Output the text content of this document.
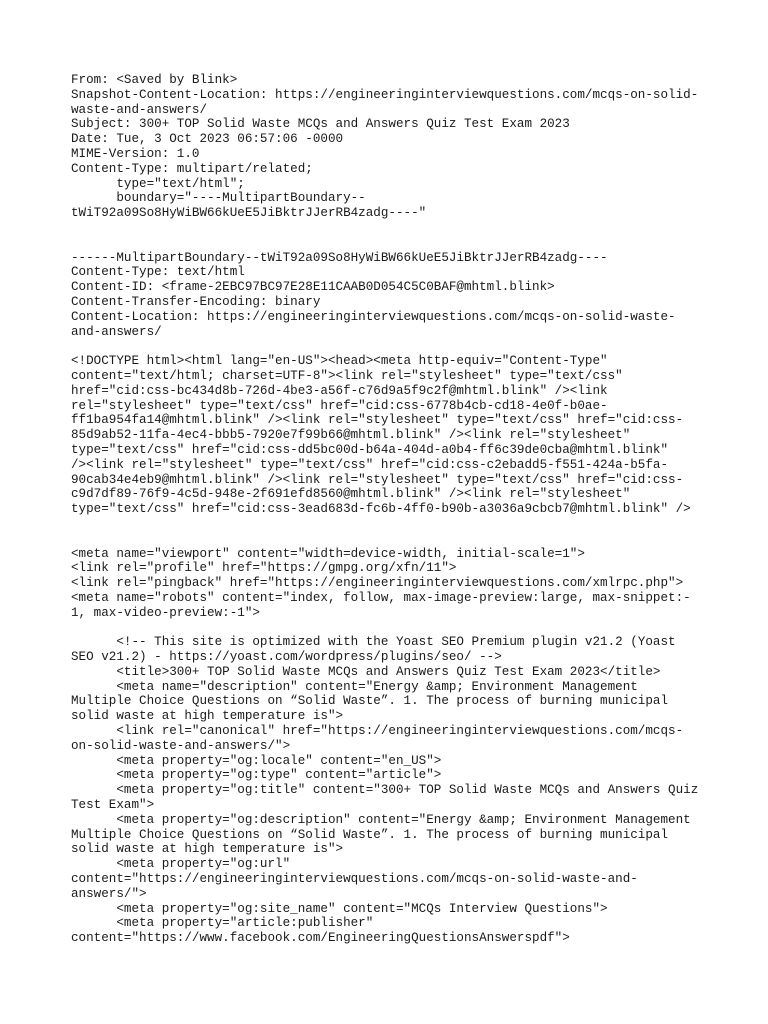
From: <Saved by Blink>
Snapshot-Content-Location: https://engineeringinterviewquestions.com/mcqs-on-solid-
waste-and-answers/
Subject: 300+ TOP Solid Waste MCQs and Answers Quiz Test Exam 2023
Date: Tue, 3 Oct 2023 06:57:06 -0000
MIME-Version: 1.0
Content-Type: multipart/related;
type="text/html";
boundary="----MultipartBoundary--
tWiT92a09So8HyWiBW66kUeE5JiBktrJJerRB4zadg----"
------MultipartBoundary--tWiT92a09So8HyWiBW66kUeE5JiBktrJJerRB4zadg----
Content-Type: text/html
Content-ID: <frame-2EBC97BC97E28E11CAAB0D054C5C0BAF@mhtml.blink>
Content-Transfer-Encoding: binary
Content-Location: https://engineeringinterviewquestions.com/mcqs-on-solid-waste-
and-answers/
<!DOCTYPE html><html lang="en-US"><head><meta http-equiv="Content-Type"
content="text/html; charset=UTF-8"><link rel="stylesheet" type="text/css"
href="cid:css-bc434d8b-726d-4be3-a56f-c76d9a5f9c2f@mhtml.blink" /><link
rel="stylesheet" type="text/css" href="cid:css-6778b4cb-cd18-4e0f-b0ae-
ff1ba954fa14@mhtml.blink" /><link rel="stylesheet" type="text/css" href="cid:css-
85d9ab52-11fa-4ec4-bbb5-7920e7f99b66@mhtml.blink" /><link rel="stylesheet"
type="text/css" href="cid:css-dd5bc00d-b64a-404d-a0b4-ff6c39de0cba@mhtml.blink"
/><link rel="stylesheet" type="text/css" href="cid:css-c2ebadd5-f551-424a-b5fa-
90cab34e4eb9@mhtml.blink" /><link rel="stylesheet" type="text/css" href="cid:css-
c9d7df89-76f9-4c5d-948e-2f691efd8560@mhtml.blink" /><link rel="stylesheet"
type="text/css" href="cid:css-3ead683d-fc6b-4ff0-b90b-a3036a9cbcb7@mhtml.blink" />
<meta name="viewport" content="width=device-width, initial-scale=1">
<link rel="profile" href="https://gmpg.org/xfn/11">
<link rel="pingback" href="https://engineeringinterviewquestions.com/xmlrpc.php">
<meta name="robots" content="index, follow, max-image-preview:large, max-snippet:-
1, max-video-preview:-1">
<!-- This site is optimized with the Yoast SEO Premium plugin v21.2 (Yoast
SEO v21.2) - https://yoast.com/wordpress/plugins/seo/ -->
<title>300+ TOP Solid Waste MCQs and Answers Quiz Test Exam 2023</title>
<meta name="description" content="Energy &amp; Environment Management
Multiple Choice Questions on “Solid Waste”. 1. The process of burning municipal
solid waste at high temperature is">
<link rel="canonical" href="https://engineeringinterviewquestions.com/mcqs-
on-solid-waste-and-answers/">
<meta property="og:locale" content="en_US">
<meta property="og:type" content="article">
<meta property="og:title" content="300+ TOP Solid Waste MCQs and Answers Quiz
Test Exam">
<meta property="og:description" content="Energy &amp; Environment Management
Multiple Choice Questions on “Solid Waste”. 1. The process of burning municipal
solid waste at high temperature is">
<meta property="og:url"
content="https://engineeringinterviewquestions.com/mcqs-on-solid-waste-and-
answers/">
<meta property="og:site_name" content="MCQs Interview Questions">
<meta property="article:publisher"
content="https://www.facebook.com/EngineeringQuestionsAnswerspdf">
